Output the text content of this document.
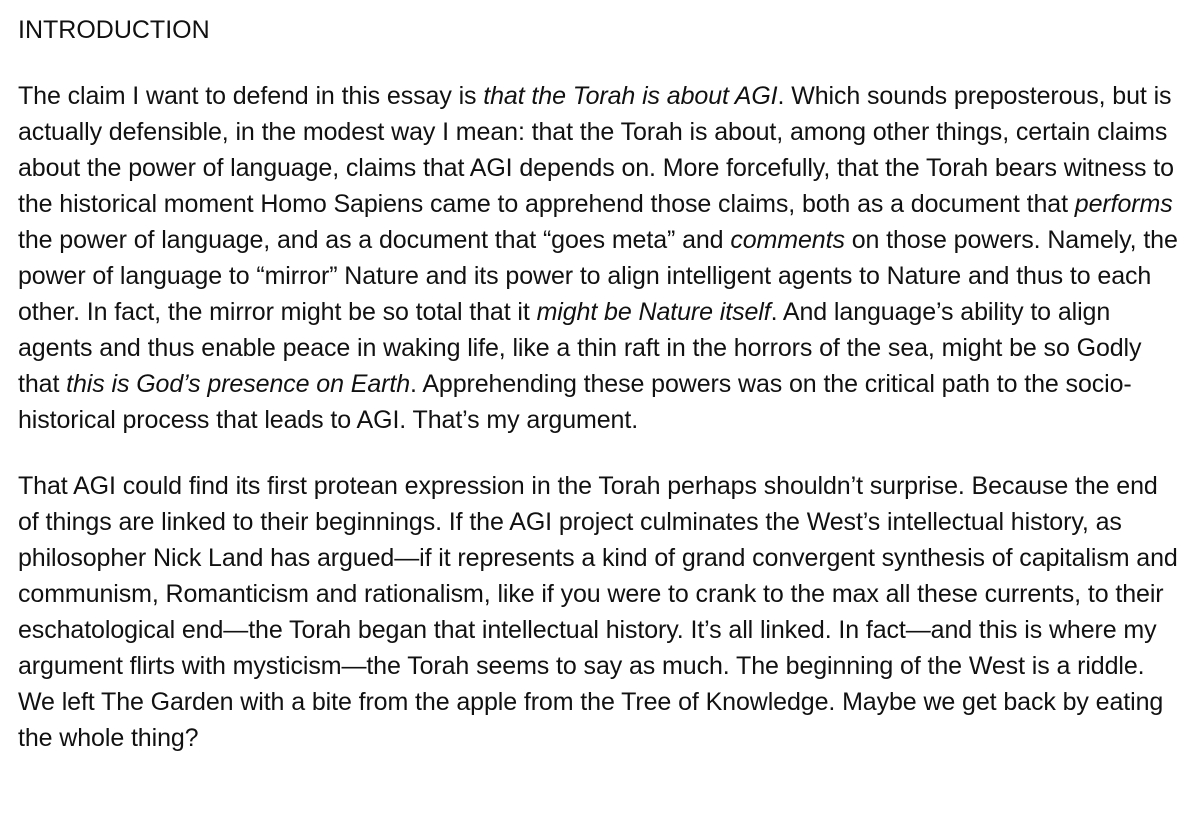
INTRODUCTION

The claim I want to defend in this essay is that the Torah is about AGI. Which sounds preposterous, but is actually defensible, in the modest way I mean: that the Torah is about, among other things, certain claims about the power of language, claims that AGI depends on. More forcefully, that the Torah bears witness to the historical moment Homo Sapiens came to apprehend those claims, both as a document that performs the power of language, and as a document that “goes meta” and comments on those powers. Namely, the power of language to “mirror” Nature and its power to align intelligent agents to Nature and thus to each other. In fact, the mirror might be so total that it might be Nature itself. And language’s ability to align agents and thus enable peace in waking life, like a thin raft in the horrors of the sea, might be so Godly that this is God’s presence on Earth. Apprehending these powers was on the critical path to the socio-historical process that leads to AGI. That’s my argument.

That AGI could find its first protean expression in the Torah perhaps shouldn’t surprise. Because the end of things are linked to their beginnings. If the AGI project culminates the West’s intellectual history, as philosopher Nick Land has argued—if it represents a kind of grand convergent synthesis of capitalism and communism, Romanticism and rationalism, like if you were to crank to the max all these currents, to their eschatological end—the Torah began that intellectual history. It’s all linked. In fact—and this is where my argument flirts with mysticism—the Torah seems to say as much. The beginning of the West is a riddle. We left The Garden with a bite from the apple from the Tree of Knowledge. Maybe we get back by eating the whole thing?
